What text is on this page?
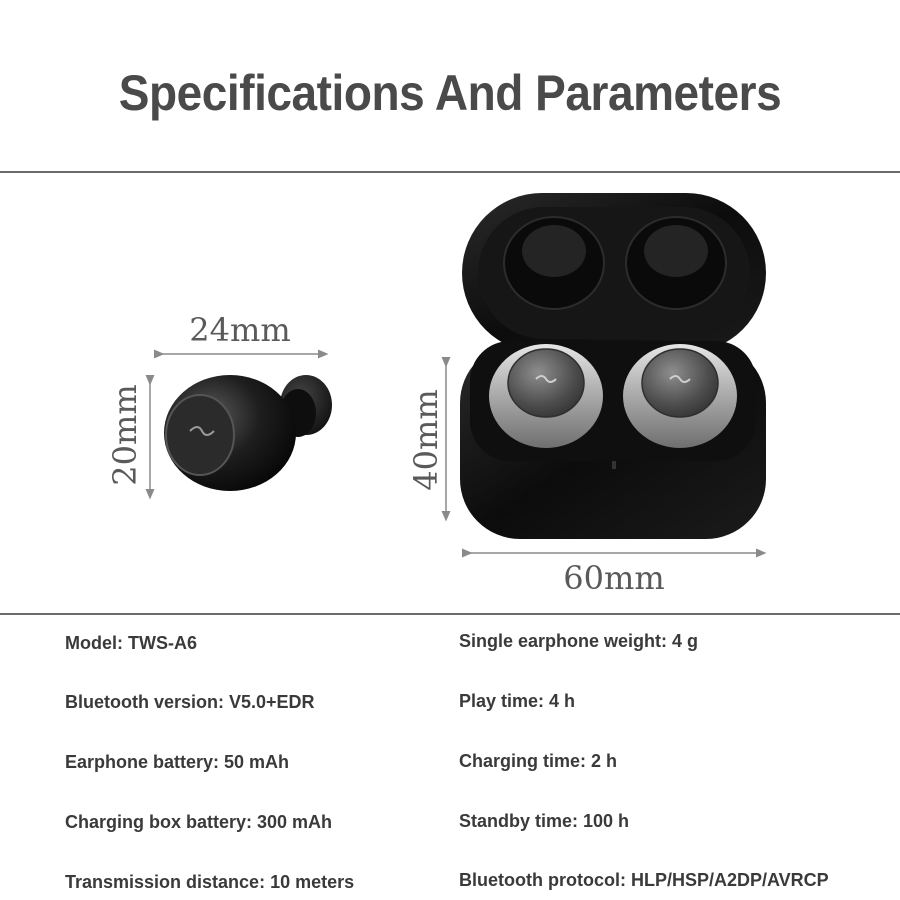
Specifications And Parameters
24mm
20mm	40mm
60mm
Model: TWS-A6
Bluetooth version: V5.0+EDR
Earphone battery: 50 mAh
Charging box battery: 300 mAh
Transmission distance: 10 meters
Single earphone weight: 4 g
Play time: 4 h
Charging time: 2 h
Standby time: 100 h
Bluetooth protocol: HLP/HSP/A2DP/AVRCP
